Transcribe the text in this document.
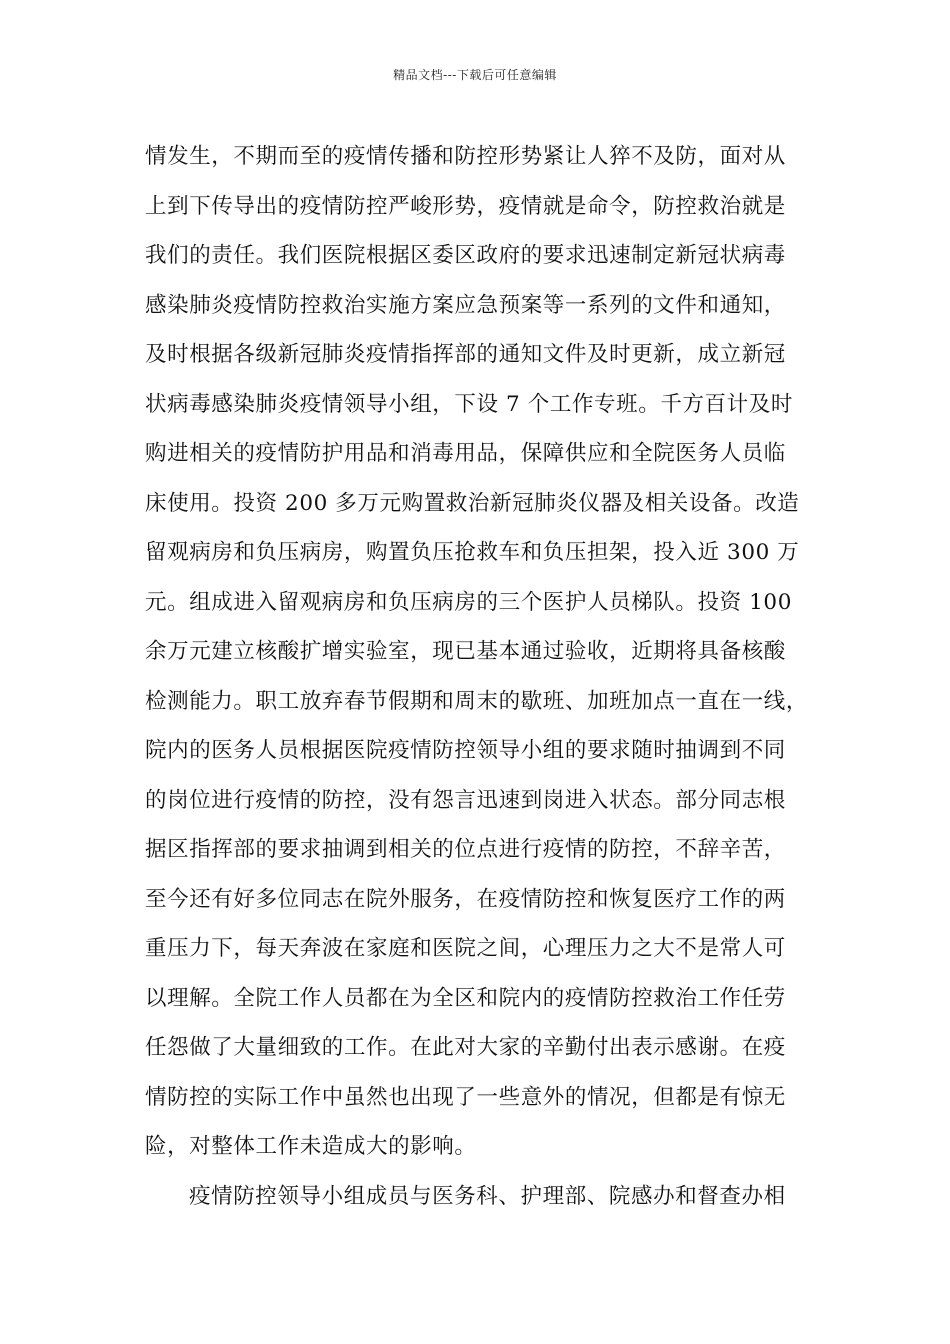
精品文档---下载后可任意编辑
情发生，不期而至的疫情传播和防控形势紧让人猝不及防，面对从
上到下传导出的疫情防控严峻形势，疫情就是命令，防控救治就是
我们的责任。我们医院根据区委区政府的要求迅速制定新冠状病毒
感染肺炎疫情防控救治实施方案应急预案等一系列的文件和通知，
及时根据各级新冠肺炎疫情指挥部的通知文件及时更新，成立新冠
状病毒感染肺炎疫情领导小组，下设 7 个工作专班。千方百计及时
购进相关的疫情防护用品和消毒用品，保障供应和全院医务人员临
床使用。投资 200 多万元购置救治新冠肺炎仪器及相关设备。改造
留观病房和负压病房，购置负压抢救车和负压担架，投入近 300 万
元。组成进入留观病房和负压病房的三个医护人员梯队。投资 100
余万元建立核酸扩增实验室，现已基本通过验收，近期将具备核酸
检测能力。职工放弃春节假期和周末的歇班、加班加点一直在一线，
院内的医务人员根据医院疫情防控领导小组的要求随时抽调到不同
的岗位进行疫情的防控，没有怨言迅速到岗进入状态。部分同志根
据区指挥部的要求抽调到相关的位点进行疫情的防控，不辞辛苦，
至今还有好多位同志在院外服务，在疫情防控和恢复医疗工作的两
重压力下，每天奔波在家庭和医院之间，心理压力之大不是常人可
以理解。全院工作人员都在为全区和院内的疫情防控救治工作任劳
任怨做了大量细致的工作。在此对大家的辛勤付出表示感谢。在疫
情防控的实际工作中虽然也出现了一些意外的情况，但都是有惊无
险，对整体工作未造成大的影响。
疫情防控领导小组成员与医务科、护理部、院感办和督查办相
